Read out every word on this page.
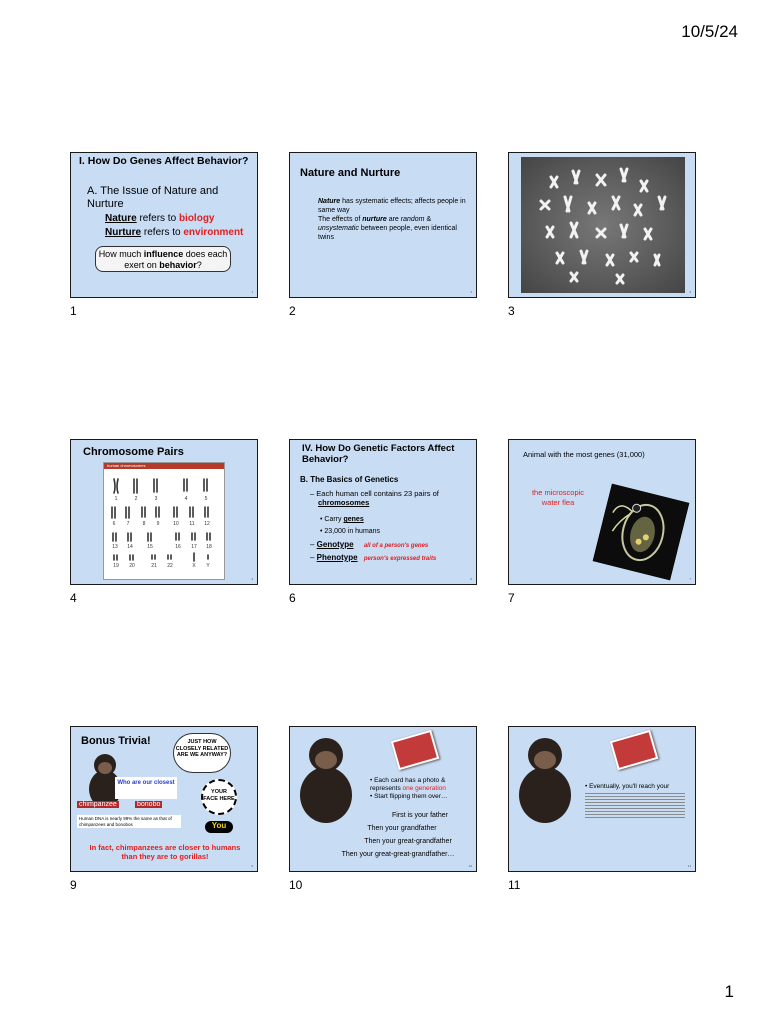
10/5/24
I. How Do Genes Affect Behavior?
A. The Issue of Nature and Nurture
Nature refers to biology
Nurture refers to environment
How much influence does each exert on behavior?
1
1
Nature and Nurture
Nature has systematic effects; affects people in same way
The effects of nurture are random & unsystematic between people, even identical twins
2
2
3
3
Chromosome Pairs
human chromosomes
1	2	3	4	5
6 7	8 9	10 11 12
13 14	15	16 17 18
19 20	21 22	X Y
4
4
IV. How Do Genetic Factors Affect Behavior?
B. The Basics of Genetics
– Each human cell contains 23 pairs of
chromosomes
• Carry genes
• 23,000 in humans
– Genotype all of a person's genes
– Phenotype person's expressed traits
6
6
Animal with the most genes (31,000)
the microscopic water flea
7
7
Bonus Trivia!	JUST HOW CLOSELY RELATED ARE WE ANYWAY?
Who are our closest
YOUR FACE HERE
chimpanzee	bonobo
Human DNA is nearly 99% the same as that of chimpanzees and bonobos	You
In fact, chimpanzees are closer to humans than they are to gorillas!
9
9
• Each card has a photo & represents one generation
• Start flipping them over…
First is your father
Then your grandfather
Then your great-grandfather
Then your great-great-grandfather…
10
10
• Eventually, you'll reach your
11
11
1
